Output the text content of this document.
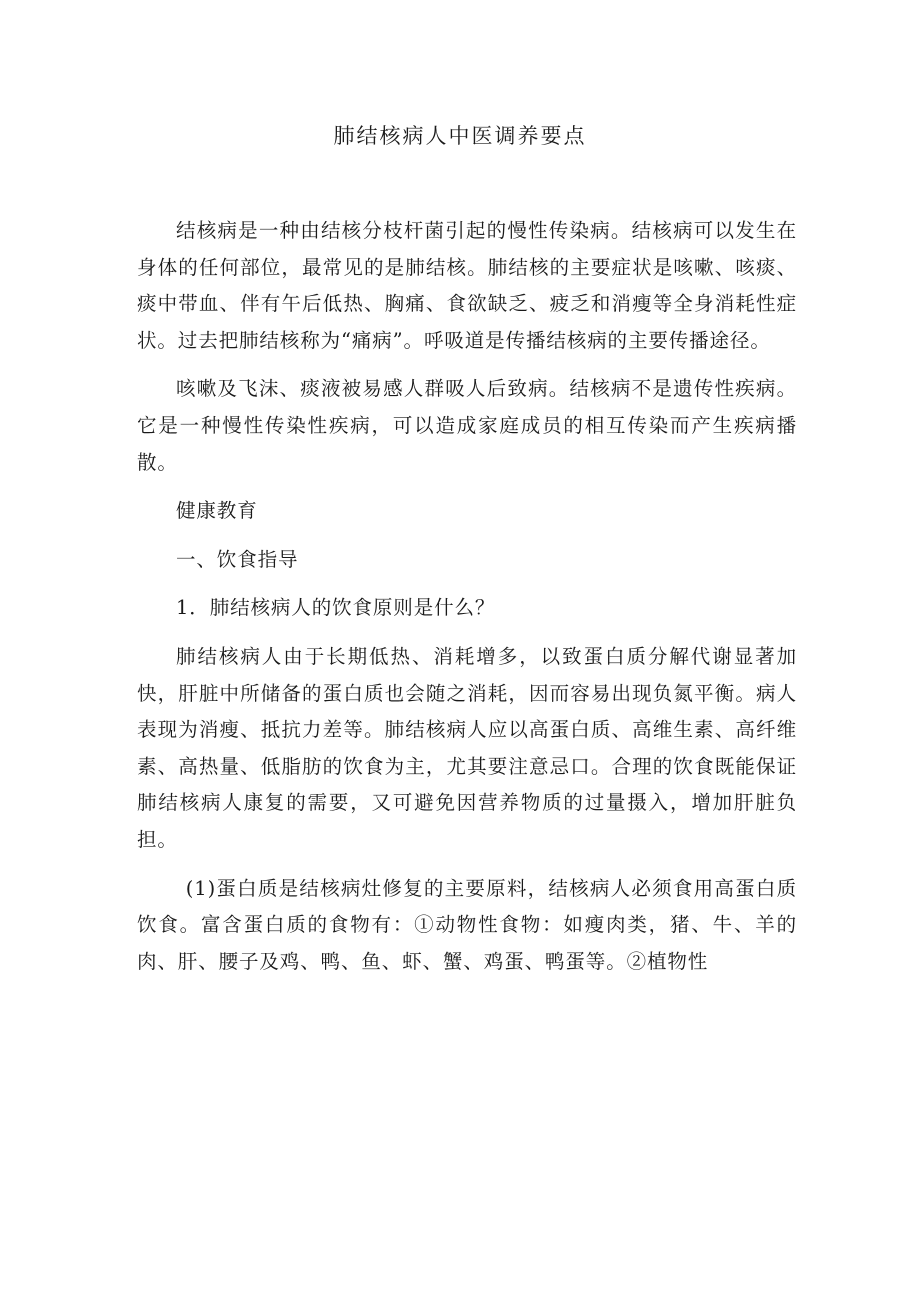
肺结核病人中医调养要点

结核病是一种由结核分枝杆菌引起的慢性传染病。结核病可以发生在身体的任何部位，最常见的是肺结核。肺结核的主要症状是咳嗽、咳痰、痰中带血、伴有午后低热、胸痛、食欲缺乏、疲乏和消瘦等全身消耗性症状。过去把肺结核称为“痛病”。呼吸道是传播结核病的主要传播途径。

咳嗽及飞沫、痰液被易感人群吸人后致病。结核病不是遗传性疾病。它是一种慢性传染性疾病，可以造成家庭成员的相互传染而产生疾病播散。

健康教育

一、饮食指导

1．肺结核病人的饮食原则是什么？

肺结核病人由于长期低热、消耗增多，以致蛋白质分解代谢显著加快，肝脏中所储备的蛋白质也会随之消耗，因而容易出现负氮平衡。病人表现为消瘦、抵抗力差等。肺结核病人应以高蛋白质、高维生素、高纤维素、高热量、低脂肪的饮食为主，尤其要注意忌口。合理的饮食既能保证肺结核病人康复的需要，又可避免因营养物质的过量摄入，增加肝脏负担。

(1)蛋白质是结核病灶修复的主要原料，结核病人必须食用高蛋白质饮食。富含蛋白质的食物有：①动物性食物：如瘦肉类，猪、牛、羊的肉、肝、腰子及鸡、鸭、鱼、虾、蟹、鸡蛋、鸭蛋等。②植物性
